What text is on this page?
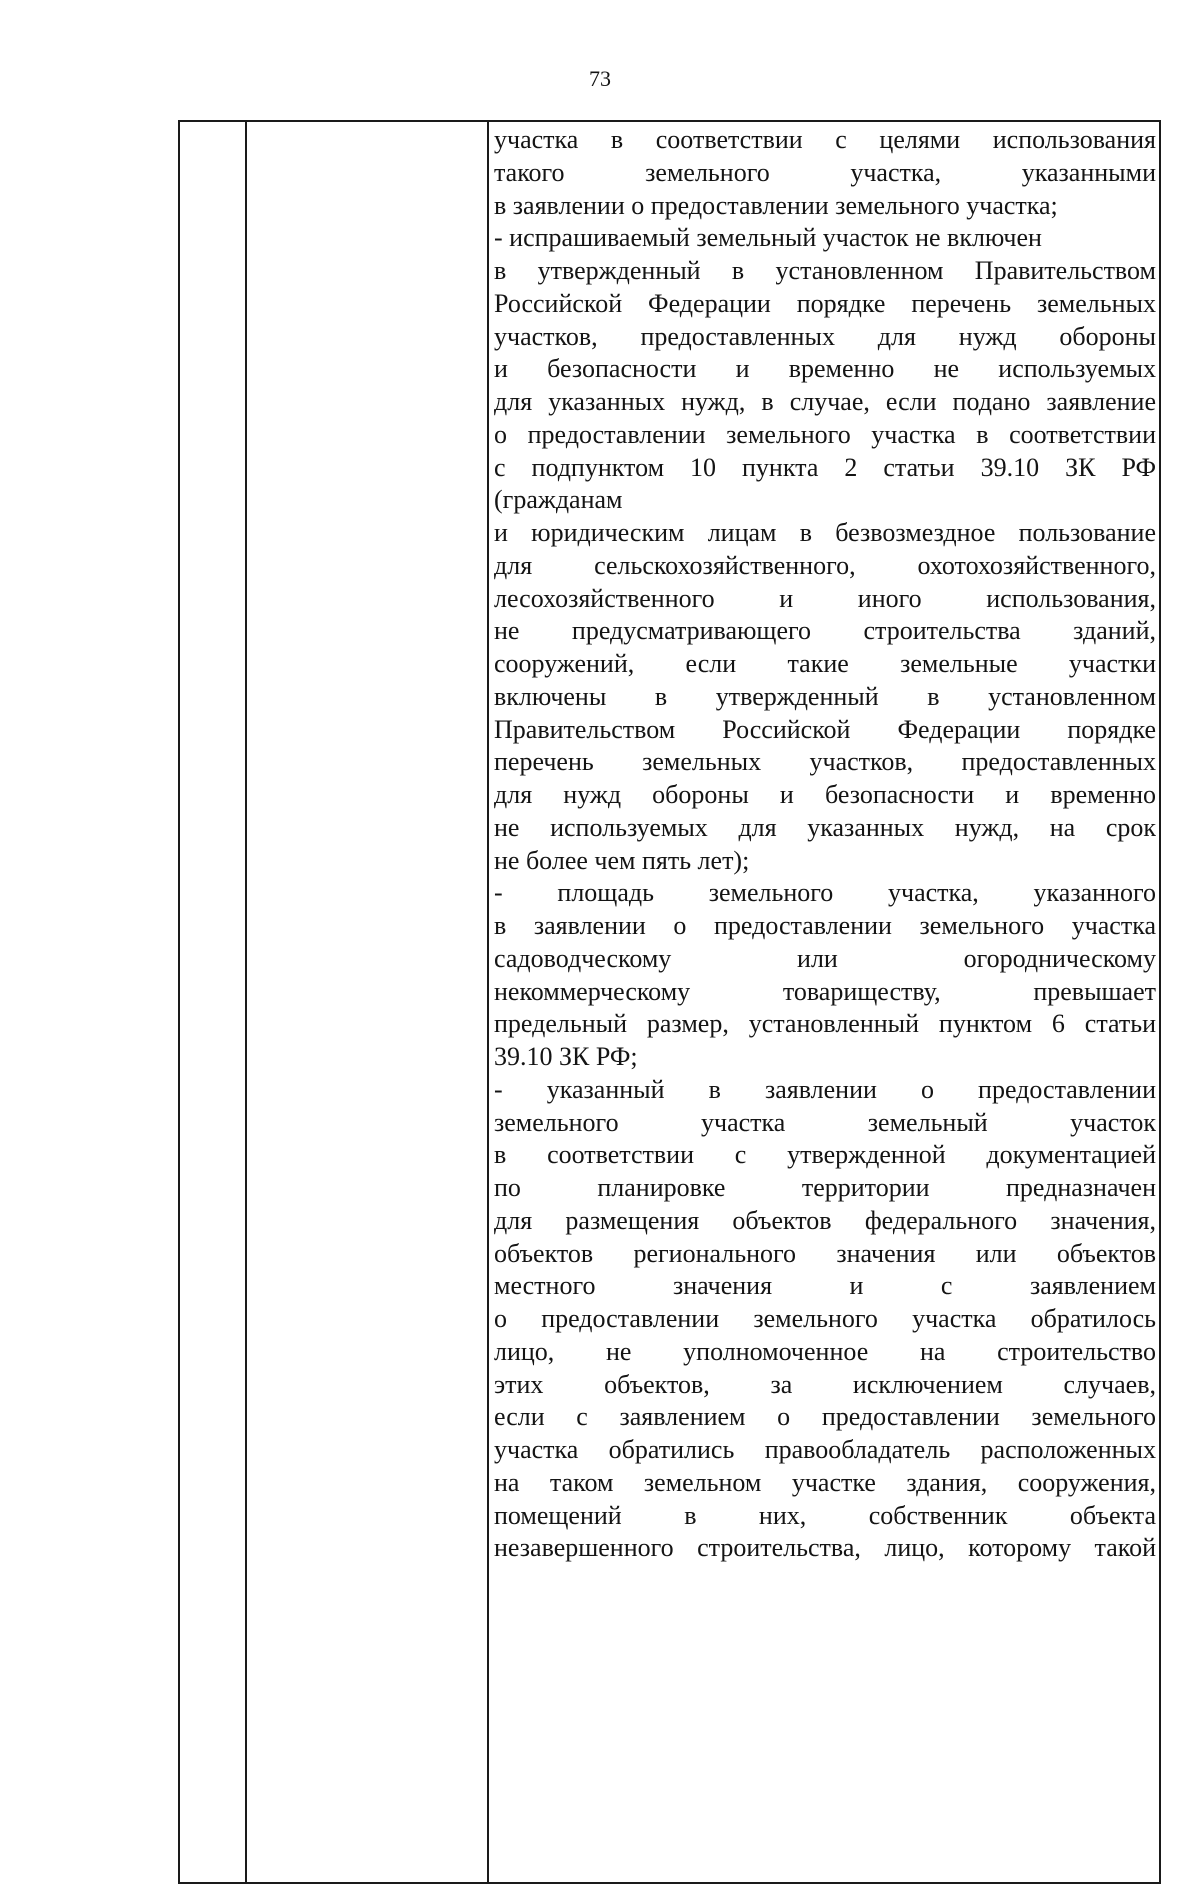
73
участка в соответствии с целями использования
такого земельного участка, указанными
в заявлении о предоставлении земельного участка;
- испрашиваемый земельный участок не включен
в утвержденный в установленном Правительством
Российской Федерации порядке перечень земельных
участков, предоставленных для нужд обороны
и безопасности и временно не используемых
для указанных нужд, в случае, если подано заявление
о предоставлении земельного участка в соответствии
с подпунктом 10 пункта 2 статьи 39.10 ЗК РФ
(гражданам
и юридическим лицам в безвозмездное пользование
для сельскохозяйственного, охотохозяйственного,
лесохозяйственного и иного использования,
не предусматривающего строительства зданий,
сооружений, если такие земельные участки
включены в утвержденный в установленном
Правительством Российской Федерации порядке
перечень земельных участков, предоставленных
для нужд обороны и безопасности и временно
не используемых для указанных нужд, на срок
не более чем пять лет);
- площадь земельного участка, указанного
в заявлении о предоставлении земельного участка
садоводческому или огородническому
некоммерческому товариществу, превышает
предельный размер, установленный пунктом 6 статьи
39.10 ЗК РФ;
- указанный в заявлении о предоставлении
земельного участка земельный участок
в соответствии с утвержденной документацией
по планировке территории предназначен
для размещения объектов федерального значения,
объектов регионального значения или объектов
местного значения и с заявлением
о предоставлении земельного участка обратилось
лицо, не уполномоченное на строительство
этих объектов, за исключением случаев,
если с заявлением о предоставлении земельного
участка обратились правообладатель расположенных
на таком земельном участке здания, сооружения,
помещений в них, собственник объекта
незавершенного строительства, лицо, которому такой
